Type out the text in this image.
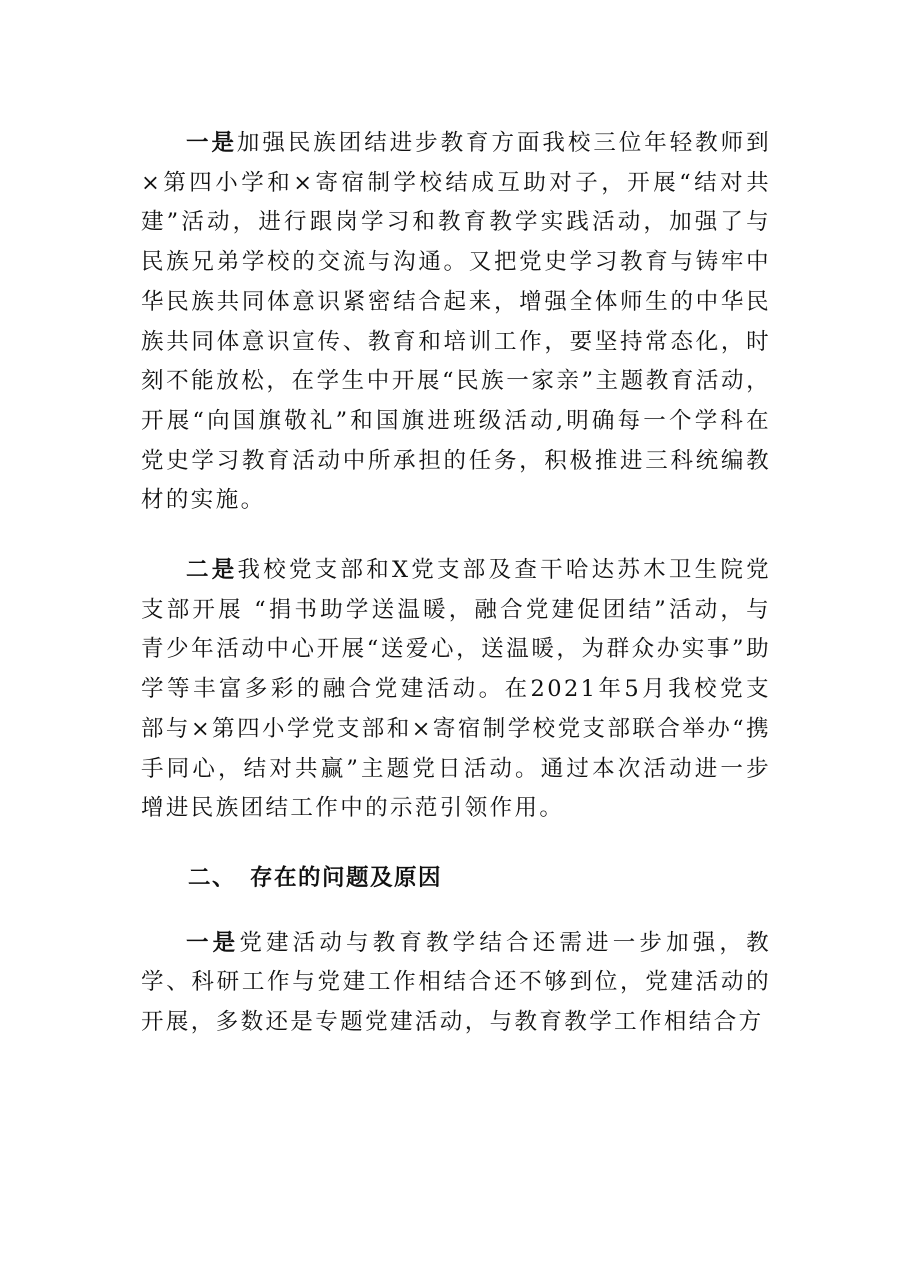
一是加强民族团结进步教育方面我校三位年轻教师到×第四小学和×寄宿制学校结成互助对子，开展“结对共建”活动，进行跟岗学习和教育教学实践活动，加强了与民族兄弟学校的交流与沟通。又把党史学习教育与铸牢中华民族共同体意识紧密结合起来，增强全体师生的中华民族共同体意识宣传、教育和培训工作，要坚持常态化，时刻不能放松，在学生中开展“民族一家亲”主题教育活动，开展“向国旗敬礼”和国旗进班级活动,明确每一个学科在党史学习教育活动中所承担的任务，积极推进三科统编教材的实施。

二是我校党支部和X党支部及查干哈达苏木卫生院党支部开展 “捐书助学送温暖，融合党建促团结”活动，与青少年活动中心开展“送爱心，送温暖，为群众办实事”助学等丰富多彩的融合党建活动。在2021年5月我校党支部与×第四小学党支部和×寄宿制学校党支部联合举办“携手同心，结对共赢”主题党日活动。通过本次活动进一步增进民族团结工作中的示范引领作用。

二、 存在的问题及原因

一是党建活动与教育教学结合还需进一步加强，教学、科研工作与党建工作相结合还不够到位，党建活动的开展，多数还是专题党建活动，与教育教学工作相结合方
